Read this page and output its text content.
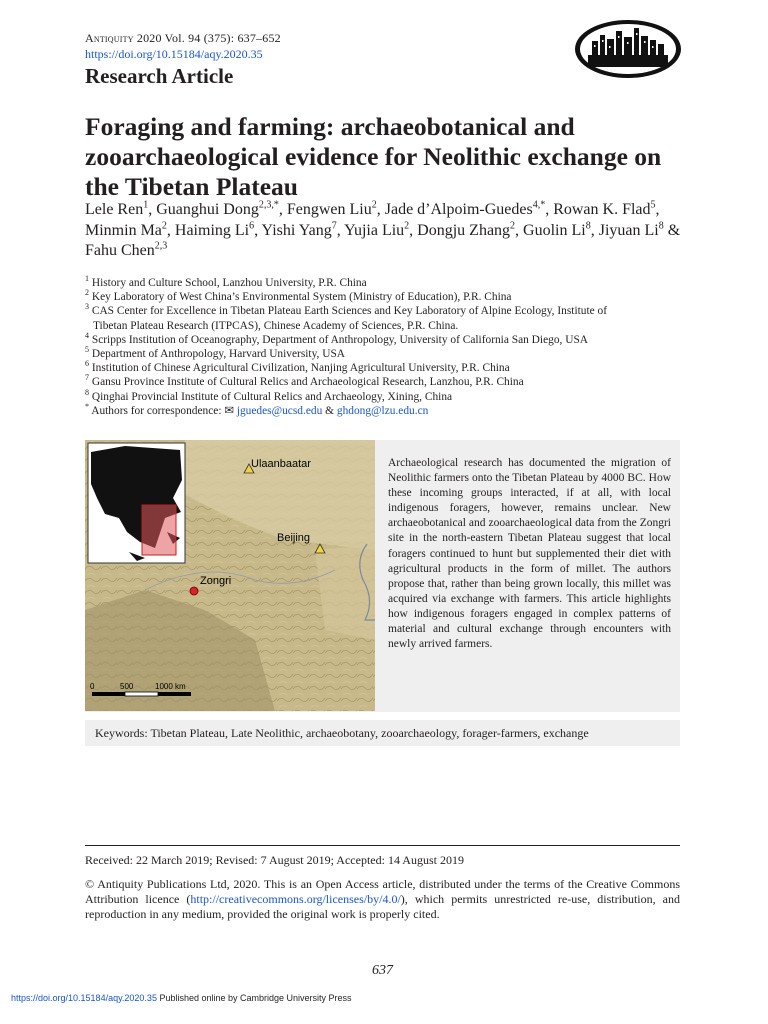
Antiquity 2020 Vol. 94 (375): 637–652
https://doi.org/10.15184/aqy.2020.35
Research Article
Foraging and farming: archaeobotanical and zooarchaeological evidence for Neolithic exchange on the Tibetan Plateau
Lele Ren$^1$, Guanghui Dong$^{2,3,*}$, Fengwen Liu$^2$, Jade d’Alpoim-Guedes$^{4,*}$, Rowan K. Flad$^5$, Minmin Ma$^2$, Haiming Li$^6$, Yishi Yang$^7$, Yujia Liu$^2$, Dongju Zhang$^2$, Guolin Li$^8$, Jiyuan Li$^8$ & Fahu Chen$^{2,3}$
$^1$ History and Culture School, Lanzhou University, P.R. China
$^2$ Key Laboratory of West China’s Environmental System (Ministry of Education), P.R. China
$^3$ CAS Center for Excellence in Tibetan Plateau Earth Sciences and Key Laboratory of Alpine Ecology, Institute of
Tibetan Plateau Research (ITPCAS), Chinese Academy of Sciences, P.R. China.
$^4$ Scripps Institution of Oceanography, Department of Anthropology, University of California San Diego, USA
$^5$ Department of Anthropology, Harvard University, USA
$^6$ Institution of Chinese Agricultural Civilization, Nanjing Agricultural University, P.R. China
$^7$ Gansu Province Institute of Cultural Relics and Archaeological Research, Lanzhou, P.R. China
$^8$ Qinghai Provincial Institute of Cultural Relics and Archaeology, Xining, China
* Authors for correspondence: ✉ jguedes@ucsd.edu & ghdong@lzu.edu.cn
Ulaanbaatar
Beijing
Zongri
0	500	1000 km

Archaeological research has documented the migration of Neolithic farmers onto the Tibetan Plateau by 4000 BC. How these incoming groups interacted, if at all, with local indigenous foragers, however, remains unclear. New archaeobotanical and zooarchaeological data from the Zongri site in the north-eastern Tibetan Plateau suggest that local foragers continued to hunt but supplemented their diet with agricultural products in the form of millet. The authors propose that, rather than being grown locally, this millet was acquired via exchange with farmers. This article highlights how indigenous foragers engaged in complex patterns of material and cultural exchange through encounters with newly arrived farmers.

Keywords: Tibetan Plateau, Late Neolithic, archaeobotany, zooarchaeology, forager-farmers, exchange
Received: 22 March 2019; Revised: 7 August 2019; Accepted: 14 August 2019

© Antiquity Publications Ltd, 2020. This is an Open Access article, distributed under the terms of the Creative Commons Attribution licence (http://creativecommons.org/licenses/by/4.0/), which permits unrestricted re-use, distribution, and reproduction in any medium, provided the original work is properly cited.

637
https://doi.org/10.15184/aqy.2020.35 Published online by Cambridge University Press
